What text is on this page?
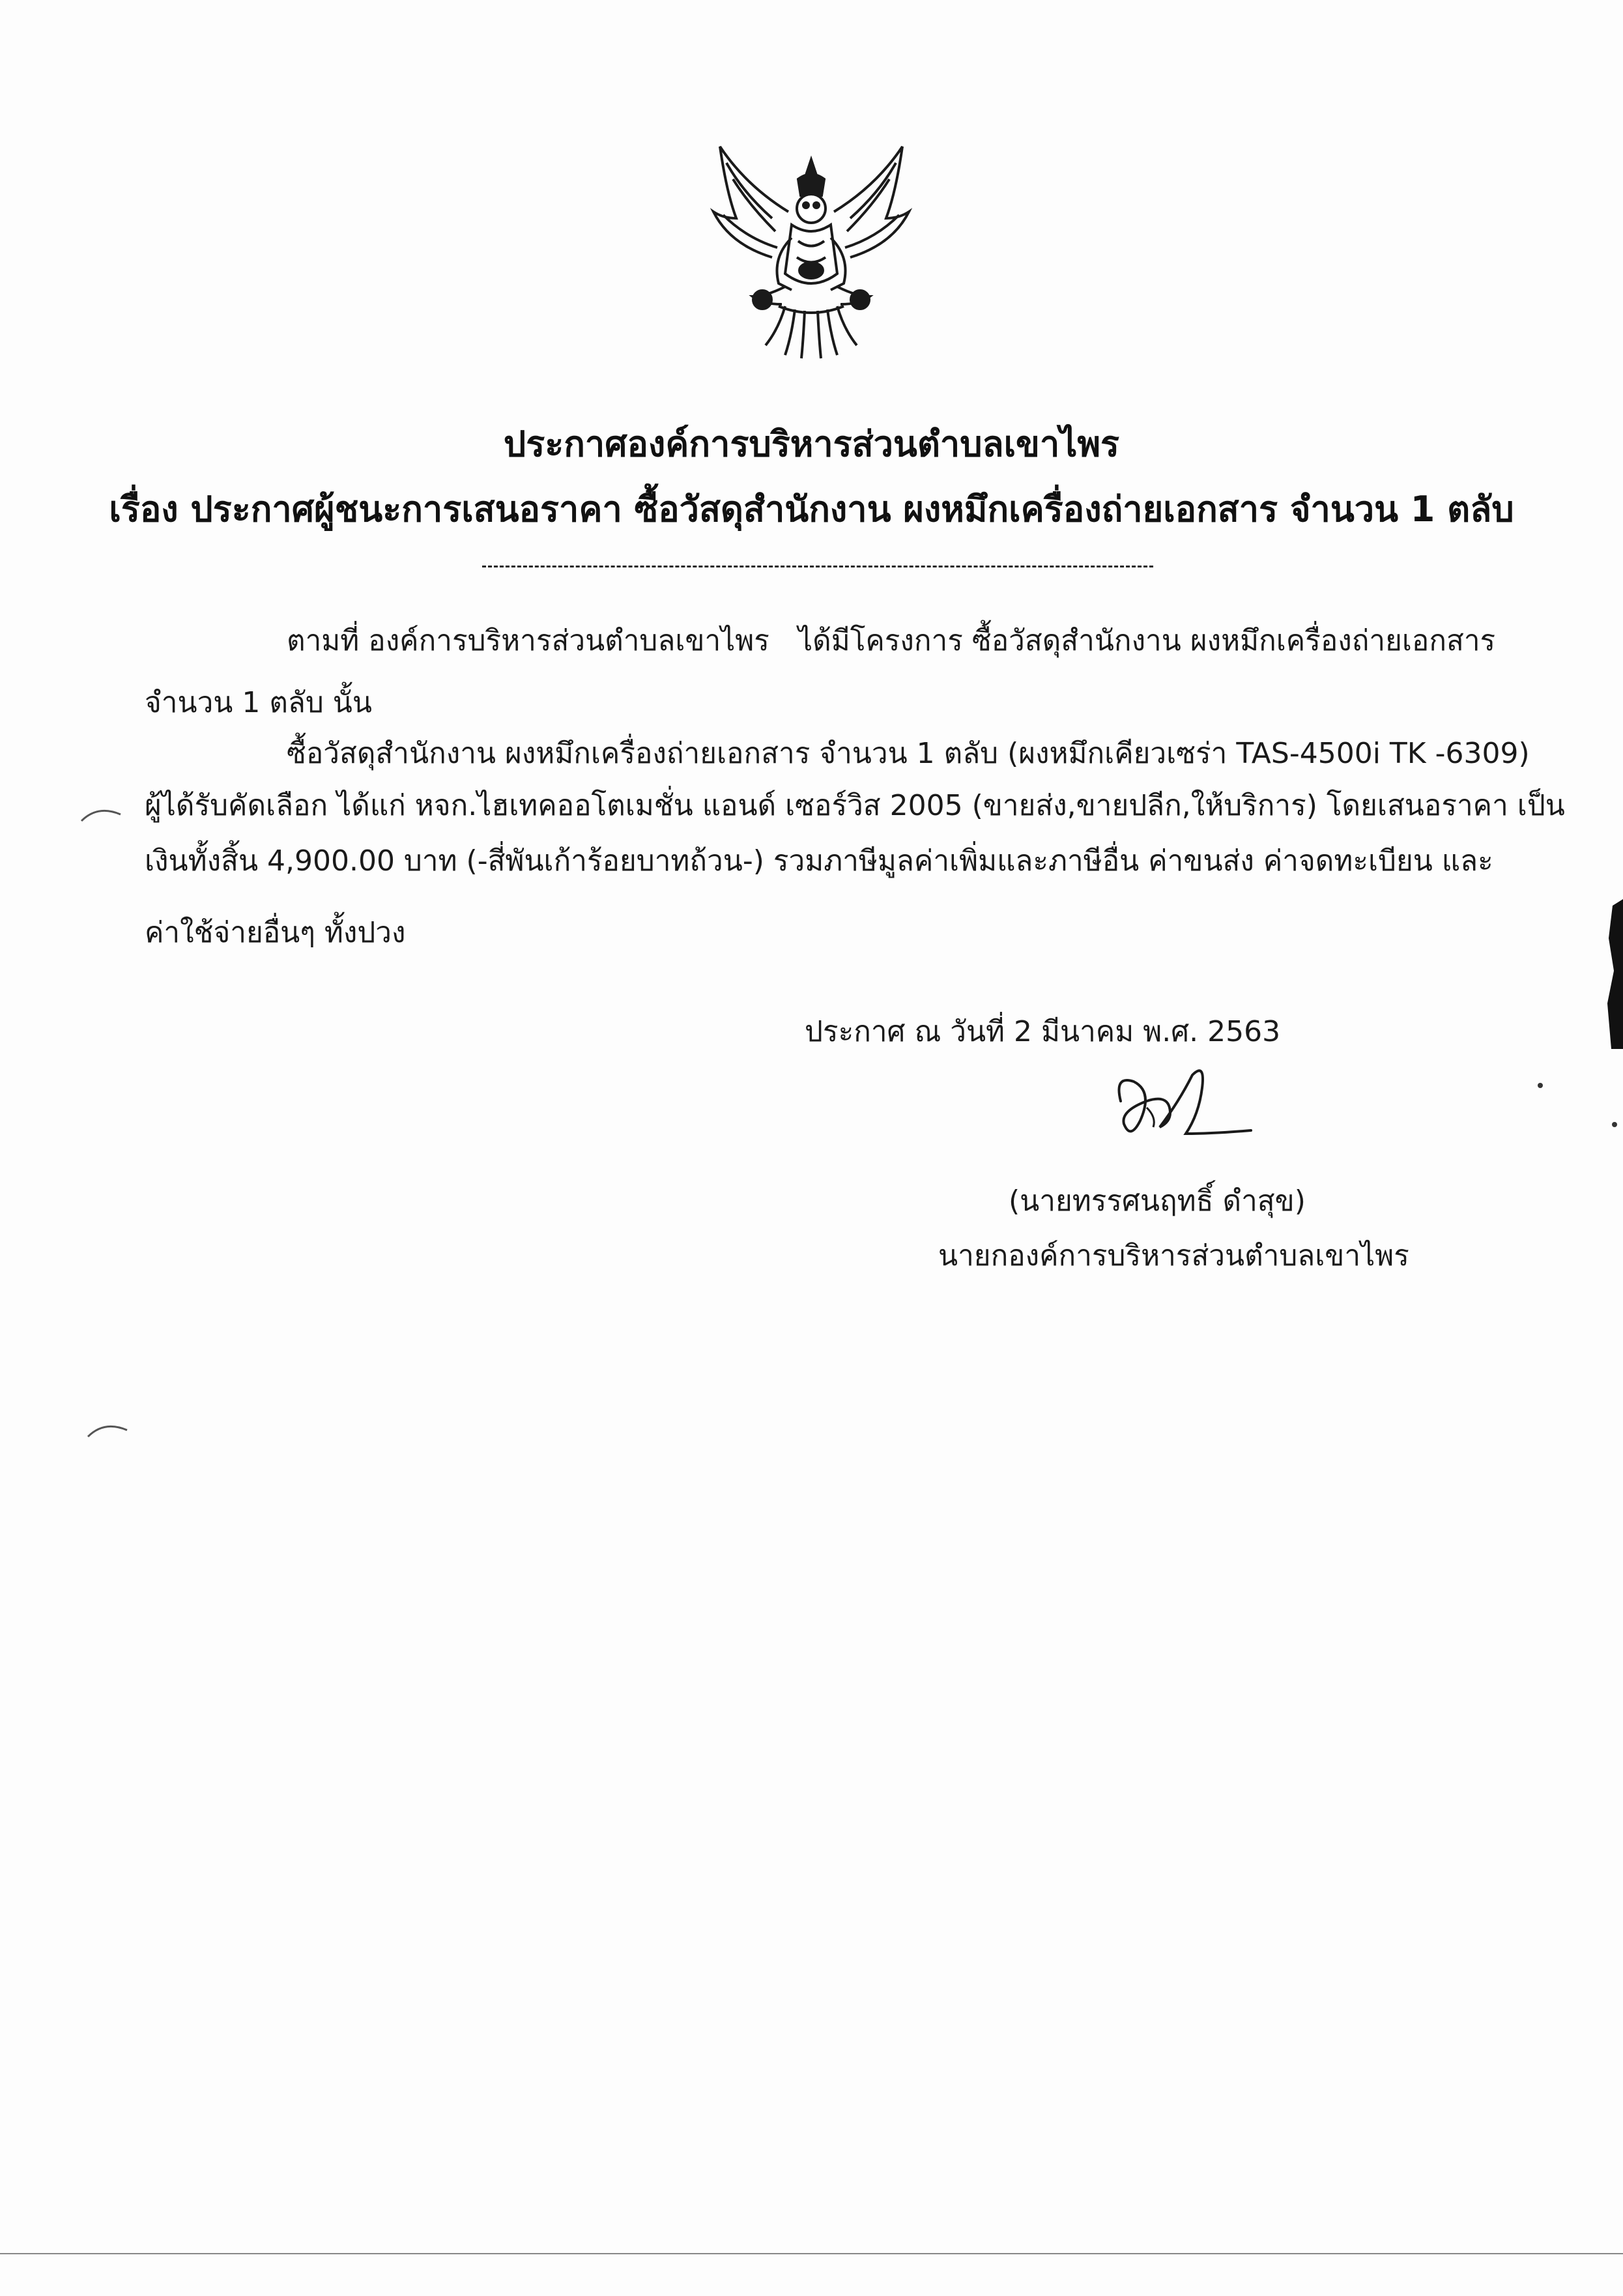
ประกาศองค์การบริหารส่วนตำบลเขาไพร
เรื่อง ประกาศผู้ชนะการเสนอราคา ซื้อวัสดุสำนักงาน ผงหมึกเครื่องถ่ายเอกสาร จำนวน 1 ตลับ
ตามที่ องค์การบริหารส่วนตำบลเขาไพร ได้มีโครงการ ซื้อวัสดุสำนักงาน ผงหมึกเครื่องถ่ายเอกสาร
จำนวน 1 ตลับ นั้น
ซื้อวัสดุสำนักงาน ผงหมึกเครื่องถ่ายเอกสาร จำนวน 1 ตลับ (ผงหมึกเคียวเซร่า TAS-4500i TK -6309)
ผู้ได้รับคัดเลือก ได้แก่ หจก.ไฮเทคออโตเมชั่น แอนด์ เซอร์วิส 2005 (ขายส่ง,ขายปลีก,ให้บริการ) โดยเสนอราคา เป็น
เงินทั้งสิ้น 4,900.00 บาท (-สี่พันเก้าร้อยบาทถ้วน-) รวมภาษีมูลค่าเพิ่มและภาษีอื่น ค่าขนส่ง ค่าจดทะเบียน และ
ค่าใช้จ่ายอื่นๆ ทั้งปวง
ประกาศ ณ วันที่ 2 มีนาคม พ.ศ. 2563
(นายทรรศนฤทธิ์ ดำสุข)
นายกองค์การบริหารส่วนตำบลเขาไพร
